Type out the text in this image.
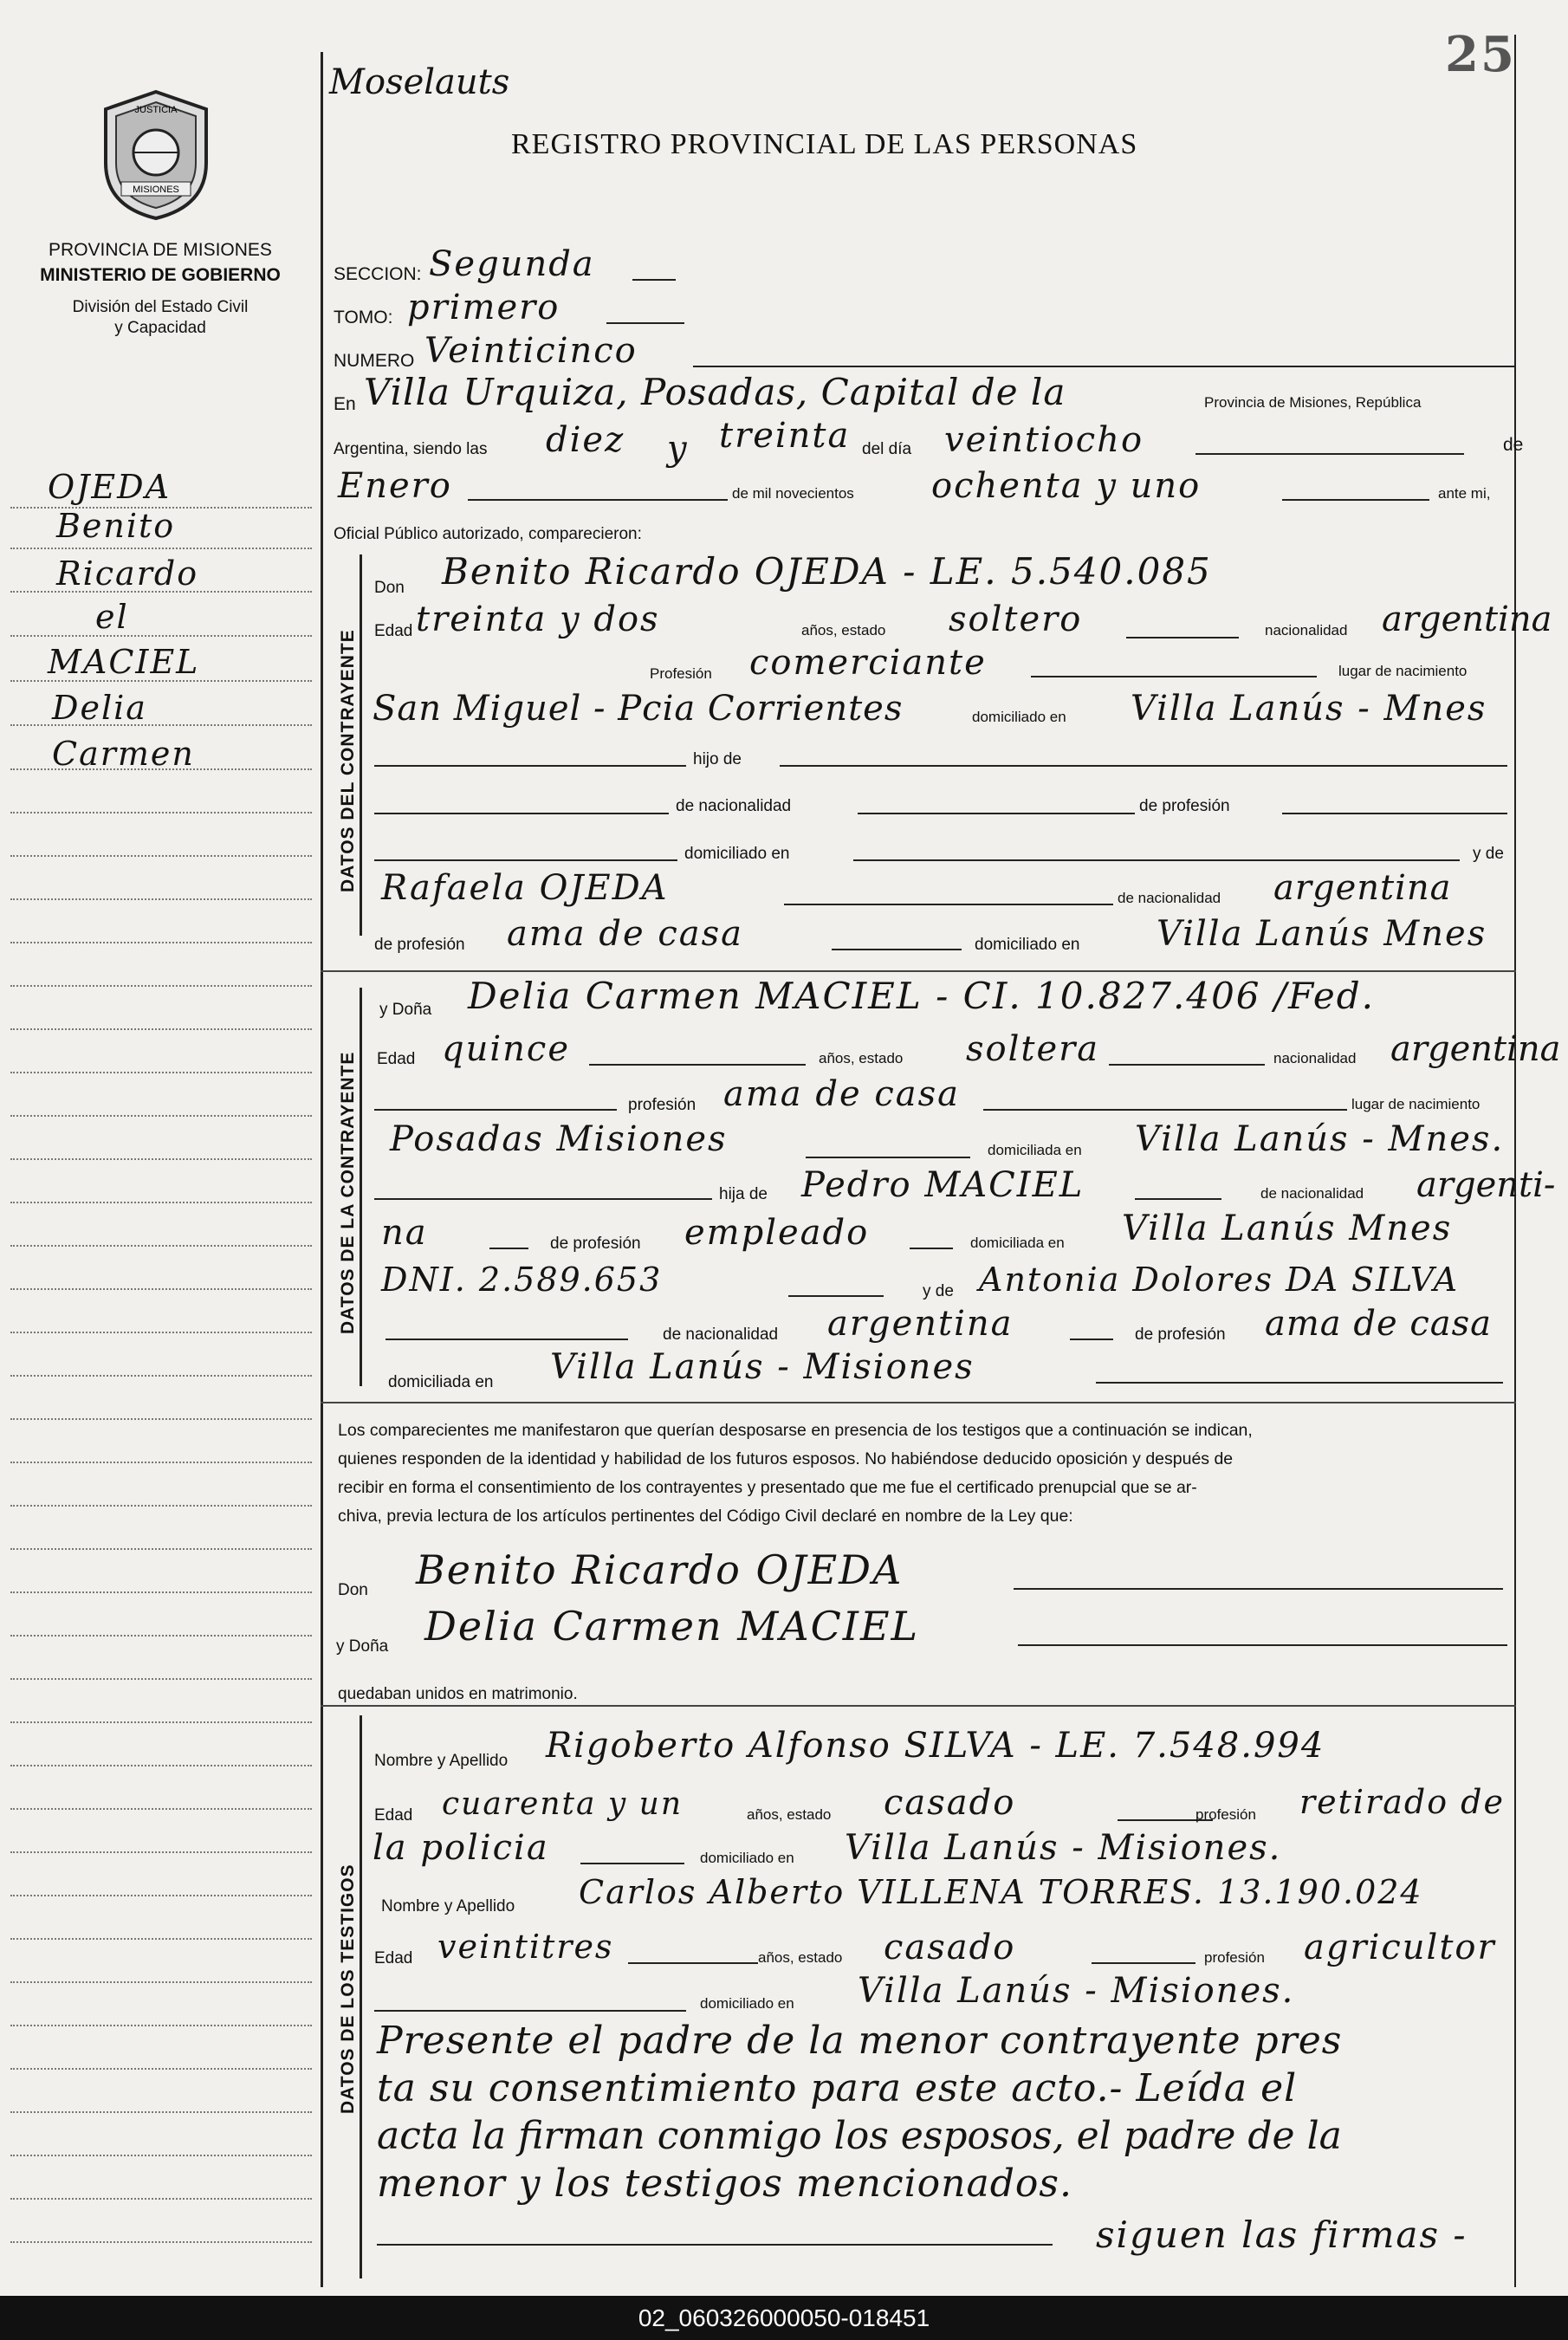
25
Moselauts
JUSTICIA
MISIONES
PROVINCIA DE MISIONES
MINISTERIO DE GOBIERNO
División del Estado Civil
y Capacidad
REGISTRO PROVINCIAL DE LAS PERSONAS
OJEDA
Benito
Ricardo
el
MACIEL
Delia
Carmen
SECCION: Segunda
TOMO: primero
NUMERO Veinticinco
En Villa Urquiza, Posadas, Capital de la	Provincia de Misiones, República
Argentina, siendo las diez y treinta del día veintiocho	de
Enero	de mil novecientos ochenta y uno	ante mi,
Oficial Público autorizado, comparecieron:
DATOS DEL CONTRAYENTE
DATOS DE LA CONTRAYENTE
DATOS DE LOS TESTIGOS
Don Benito Ricardo OJEDA - LE. 5.540.085
Edad treinta y dos	años, estado soltero	nacionalidad argentina
Profesión comerciante	lugar de nacimiento
San Miguel - Pcia Corrientes	domiciliado en Villa Lanús - Mnes
hijo de
de nacionalidad	de profesión
domiciliado en	y de
Rafaela OJEDA	de nacionalidad argentina
de profesión ama de casa	domiciliado en Villa Lanús Mnes
y Doña Delia Carmen MACIEL - CI. 10.827.406 /Fed.
Edad quince	años, estado soltera	nacionalidad argentina
profesión ama de casa	lugar de nacimiento
Posadas Misiones	domiciliada en Villa Lanús - Mnes.
hija de Pedro MACIEL	de nacionalidad argenti-
na	de profesión empleado	domiciliada en Villa Lanús Mnes
DNI. 2.589.653	y de Antonia Dolores DA SILVA
de nacionalidad argentina	de profesión ama de casa
domiciliada en Villa Lanús - Misiones
Los comparecientes me manifestaron que querían desposarse en presencia de los testigos que a continuación se indican,
quienes responden de la identidad y habilidad de los futuros esposos. No habiéndose deducido oposición y después de
recibir en forma el consentimiento de los contrayentes y presentado que me fue el certificado prenupcial que se ar-
chiva, previa lectura de los artículos pertinentes del Código Civil declaré en nombre de la Ley que:
Don Benito Ricardo OJEDA
y Doña Delia Carmen MACIEL
quedaban unidos en matrimonio.
Nombre y Apellido Rigoberto Alfonso SILVA - LE. 7.548.994
Edad cuarenta y un	años, estado casado	profesión retirado de
la policia	domiciliado en Villa Lanús - Misiones.
Nombre y Apellido Carlos Alberto VILLENA TORRES. 13.190.024
Edad veintitres	años, estado casado	profesión agricultor
domiciliado en Villa Lanús - Misiones.
Presente el padre de la menor contrayente pres
ta su consentimiento para este acto.- Leída el
acta la firman conmigo los esposos, el padre de la
menor y los testigos mencionados.
siguen las firmas -
02_060326000050-018451
